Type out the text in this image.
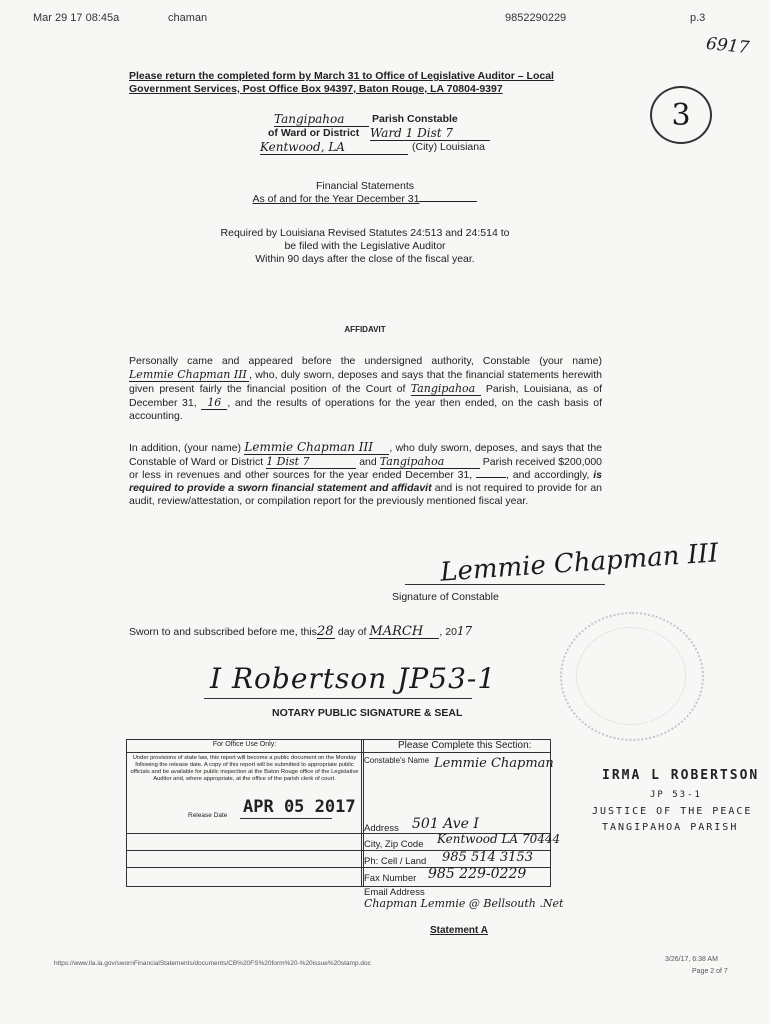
Mar 29 17 08:45a	chaman	9852290229	p.3
6917
3
Please return the completed form by March 31 to Office of Legislative Auditor – Local Government Services, Post Office Box 94397, Baton Rouge, LA 70804-9397
Tangipahoa	Parish Constable
of Ward or District Ward 1 Dist 7
Kentwood, LA	(City) Louisiana
Financial Statements
As of and for the Year December 31
Required by Louisiana Revised Statutes 24:513 and 24:514 to
be filed with the Legislative Auditor
Within 90 days after the close of the fiscal year.
AFFIDAVIT
Personally came and appeared before the undersigned authority, Constable (your name) Lemmie Chapman III , who, duly sworn, deposes and says that the financial statements herewith given present fairly the financial position of the Court of Tangipahoa Parish, Louisiana, as of December 31, 16 , and the results of operations for the year then ended, on the cash basis of accounting.
In addition, (your name) Lemmie Chapman III , who duly sworn, deposes, and says that the Constable of Ward or District 1 Dist 7	and Tangipahoa	Parish received $200,000 or less in revenues and other sources for the year ended December 31,	, and accordingly, is required to provide a sworn financial statement and affidavit and is not required to provide for an audit, review/attestation, or compilation report for the previously mentioned fiscal year.
Lemmie Chapman III
Signature of Constable
Sworn to and subscribed before me, this28 day of MARCH , 2017
I Robertson JP53-1
NOTARY PUBLIC SIGNATURE & SEAL
For Office Use Only:
Under provisions of state law, this report will become a public document on the Monday following the release date. A copy of this report will be submitted to appropriate public officials and be available for public inspection at the Baton Rouge office of the Legislative Auditor and, where appropriate, at the office of the parish clerk of court.
Release Date APR 05 2017
Please Complete this Section:
Constable's Name Lemmie Chapman
Address 501 Ave I
City, Zip Code Kentwood LA 70444
Ph: Cell / Land 985 514 3153
Fax Number 985 229-0229
Email Address
Chapman Lemmie @ Bellsouth .Net
Statement A
IRMA L ROBERTSON
JP 53-1
JUSTICE OF THE PEACE
TANGIPAHOA PARISH
https://www.lla.la.gov/swornFinancialStatements/documents/CB%20FS%20form%20-%20issue%20stamp.doc
3/26/17, 6:38 AM
Page 2 of 7
